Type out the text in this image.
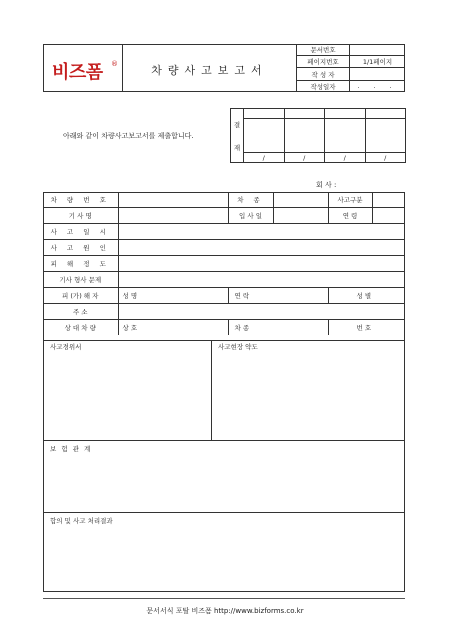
비즈폼 ®	차량사고보고서
문서번호	
페이지번호	1/1페이지
작 성 자	
작성일자	. . .
아래와 같이 차량사고보고서를 제출합니다.
결
재				

	/	/	/	/
회 사 :
차 량 번 호		차 종		사고구분	
기 사 명		입 사 일		연 령	
사 고 일 시					
사 고 원 인					
피 해 정 도					
기사 형사 문제					
피 (가) 해 자	성 명	연 락		성 별	
주 소					
상 대 차 량	상 호	차 종		번 호	
사고경위서	사고현장 약도
보 험 관 계
합의 및 사고 처리결과
문서서식 포탈 비즈폼 http://www.bizforms.co.kr
